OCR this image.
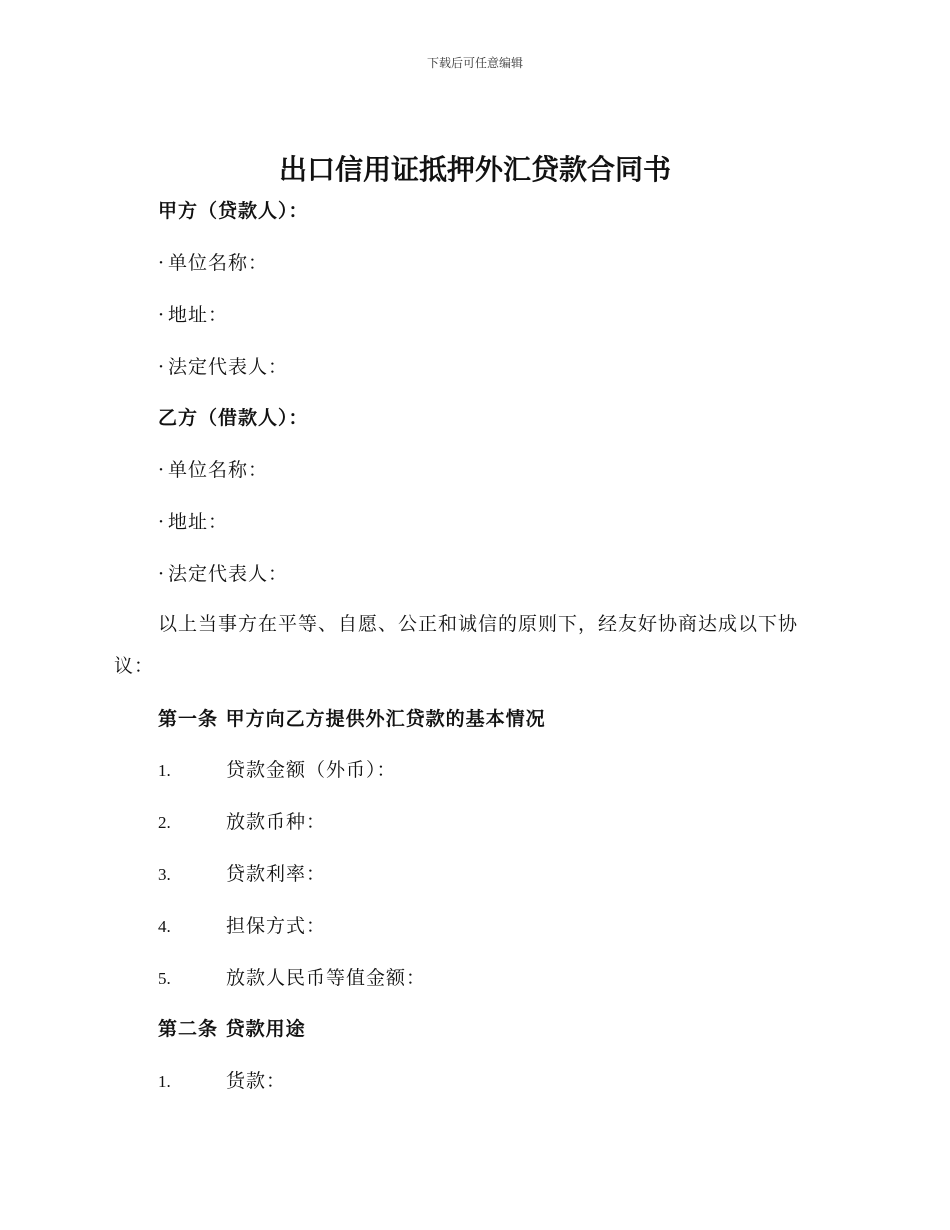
下载后可任意编辑
出口信用证抵押外汇贷款合同书
甲方（贷款人）：
· 单位名称：
· 地址：
· 法定代表人：
乙方（借款人）：
· 单位名称：
· 地址：
· 法定代表人：
以上当事方在平等、自愿、公正和诚信的原则下，经友好协商达成以下协议：
第一条 甲方向乙方提供外汇贷款的基本情况
1.	贷款金额（外币）：
2.	放款币种：
3.	贷款利率：
4.	担保方式：
5.	放款人民币等值金额：
第二条 贷款用途
1.	货款：
